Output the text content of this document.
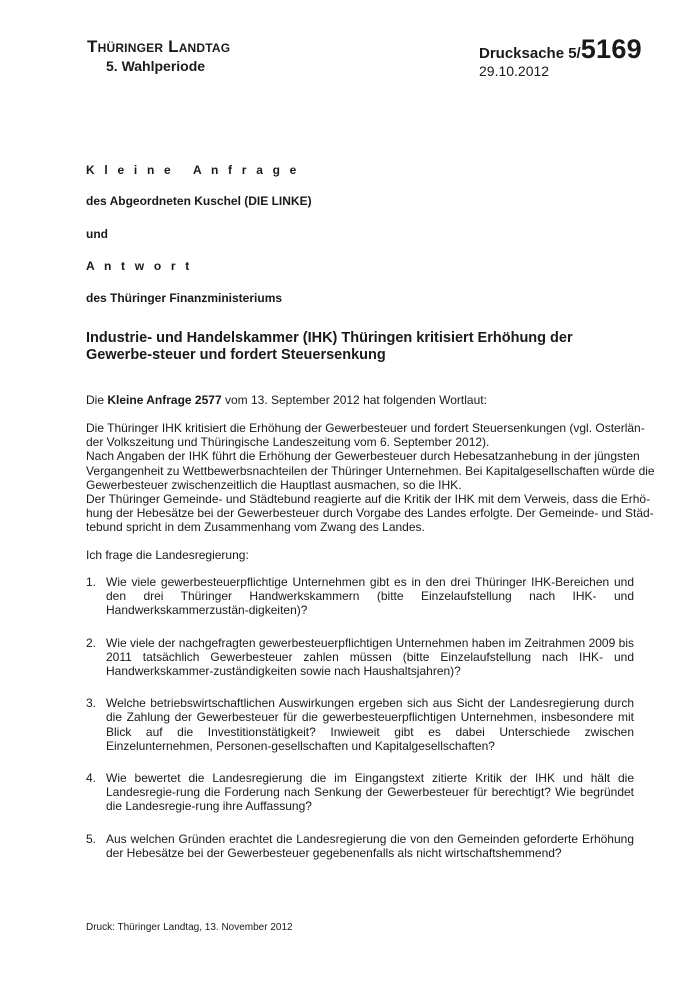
Thüringer Landtag
5. Wahlperiode
Drucksache 5/5169
29.10.2012
K l e i n e   A n f r a g e
des Abgeordneten Kuschel (DIE LINKE)
und
A n t w o r t
des Thüringer Finanzministeriums
Industrie- und Handelskammer (IHK) Thüringen kritisiert Erhöhung der Gewerbe-steuer und fordert Steuersenkung
Die Kleine Anfrage 2577 vom 13. September 2012 hat folgenden Wortlaut:
Die Thüringer IHK kritisiert die Erhöhung der Gewerbesteuer und fordert Steuersenkungen (vgl. Osterlän-
der Volkszeitung und Thüringische Landeszeitung vom 6. September 2012).
Nach Angaben der IHK führt die Erhöhung der Gewerbesteuer durch Hebesatzanhebung in der jüngsten
Vergangenheit zu Wettbewerbsnachteilen der Thüringer Unternehmen. Bei Kapitalgesellschaften würde die
Gewerbesteuer zwischenzeitlich die Hauptlast ausmachen, so die IHK.
Der Thüringer Gemeinde- und Städtebund reagierte auf die Kritik der IHK mit dem Verweis, dass die Erhö-
hung der Hebesätze bei der Gewerbesteuer durch Vorgabe des Landes erfolgte. Der Gemeinde- und Städ-
tebund spricht in dem Zusammenhang vom Zwang des Landes.
Ich frage die Landesregierung:
1. Wie viele gewerbesteuerpflichtige Unternehmen gibt es in den drei Thüringer IHK-Bereichen und den drei Thüringer Handwerkskammern (bitte Einzelaufstellung nach IHK- und Handwerkskammerzustän-digkeiten)?
2. Wie viele der nachgefragten gewerbesteuerpflichtigen Unternehmen haben im Zeitrahmen 2009 bis 2011 tatsächlich Gewerbesteuer zahlen müssen (bitte Einzelaufstellung nach IHK- und Handwerkskammer-zuständigkeiten sowie nach Haushaltsjahren)?
3. Welche betriebswirtschaftlichen Auswirkungen ergeben sich aus Sicht der Landesregierung durch die Zahlung der Gewerbesteuer für die gewerbesteuerpflichtigen Unternehmen, insbesondere mit Blick auf die Investitionstätigkeit? Inwieweit gibt es dabei Unterschiede zwischen Einzelunternehmen, Personen-gesellschaften und Kapitalgesellschaften?
4. Wie bewertet die Landesregierung die im Eingangstext zitierte Kritik der IHK und hält die Landesregie-rung die Forderung nach Senkung der Gewerbesteuer für berechtigt? Wie begründet die Landesregie-rung ihre Auffassung?
5. Aus welchen Gründen erachtet die Landesregierung die von den Gemeinden geforderte Erhöhung der Hebesätze bei der Gewerbesteuer gegebenenfalls als nicht wirtschaftshemmend?
Druck: Thüringer Landtag, 13. November 2012
